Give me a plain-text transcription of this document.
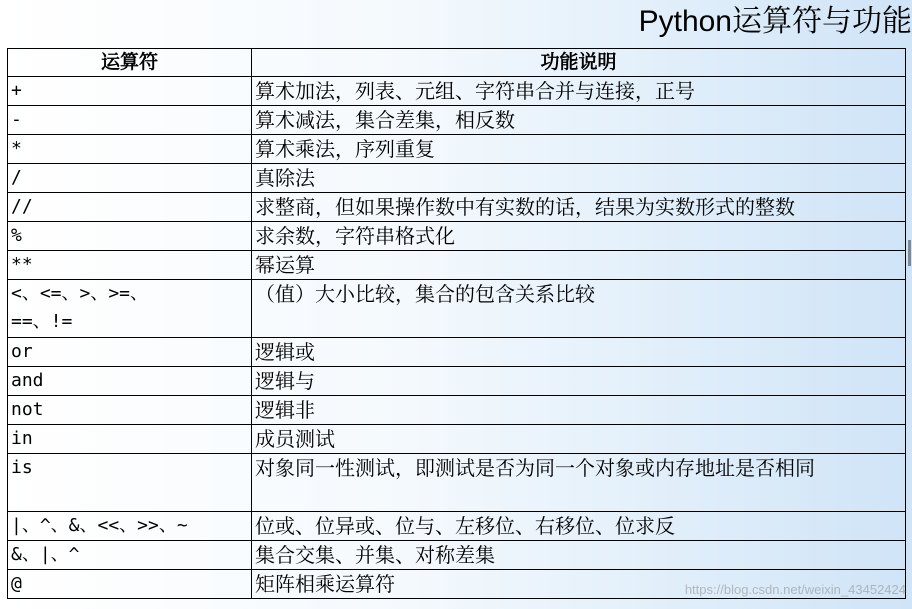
Python运算符与功能
运算符	功能说明
+	算术加法，列表、元组、字符串合并与连接，正号
-	算术减法，集合差集，相反数
*	算术乘法，序列重复
/	真除法
//	求整商，但如果操作数中有实数的话，结果为实数形式的整数
%	求余数，字符串格式化
**	幂运算

<、<=、>、>=、
==、!=	（值）大小比较，集合的包含关系比较
or	逻辑或
and	逻辑与
not	逻辑非
in	成员测试
is	对象同一性测试，即测试是否为同一个对象或内存地址是否相同
|、^、&、<<、>>、~	位或、位异或、位与、左移位、右移位、位求反
&、|、^	集合交集、并集、对称差集
@	矩阵相乘运算符	https://blog.csdn.net/weixin_43452424
